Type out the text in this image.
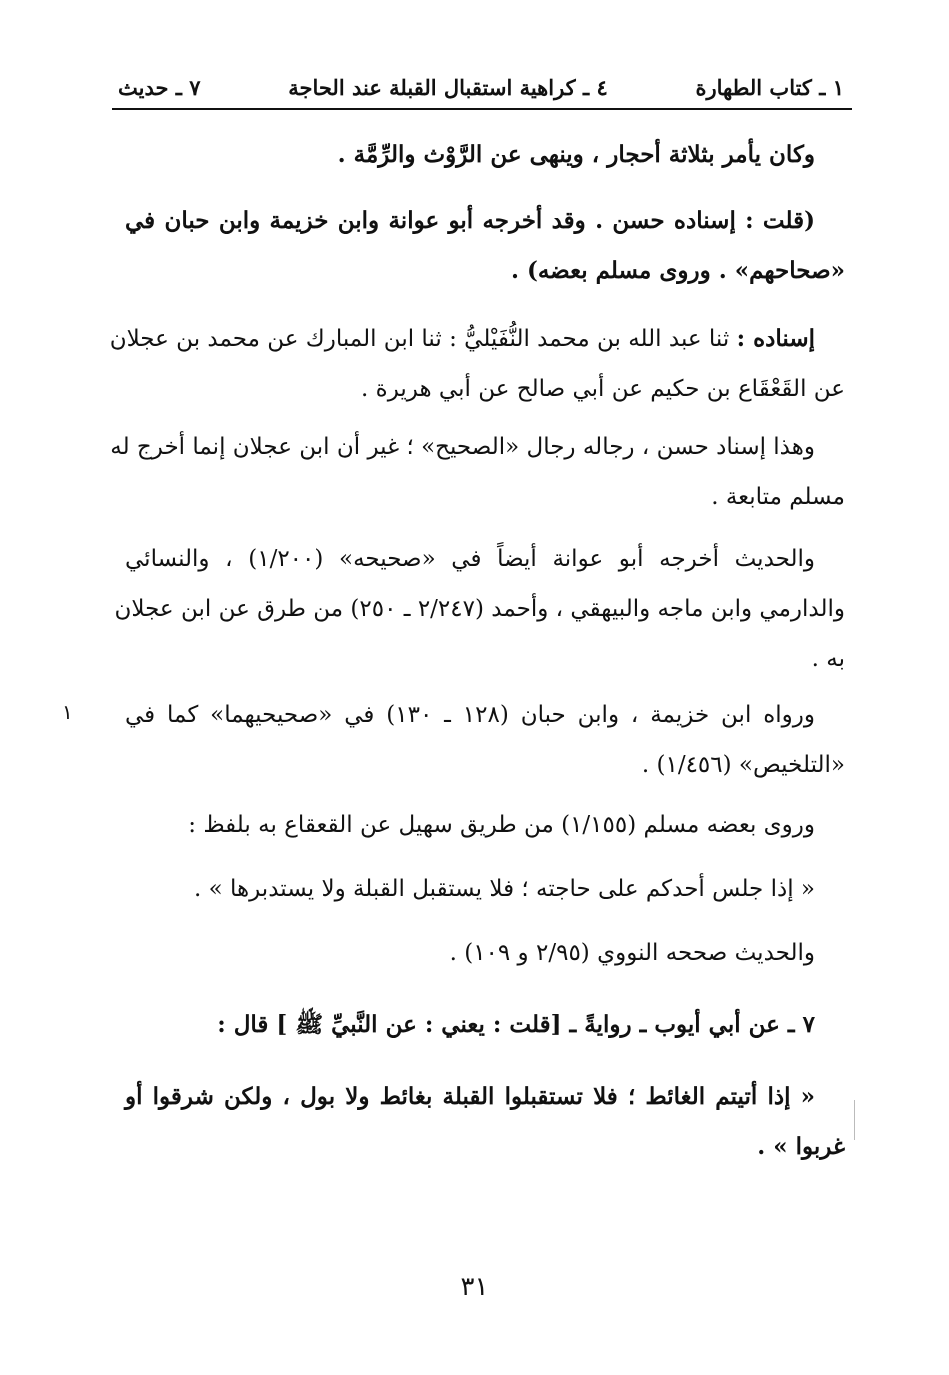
١ ـ كتاب الطهارة
٤ ـ كراهية استقبال القبلة عند الحاجة
٧ ـ حديث
وكان يأمر بثلاثة أحجار ، وينهى عن الرَّوْث والرِّمَّة .
(قلت : إسناده حسن . وقد أخرجه أبو عوانة وابن خزيمة وابن حبان في
«صحاحهم» . وروى مسلم بعضه) .
إسناده : ثنا عبد الله بن محمد النُّفَيْليُّ : ثنا ابن المبارك عن محمد بن عجلان
عن القَعْقَاع بن حكيم عن أبي صالح عن أبي هريرة .
وهذا إسناد حسن ، رجاله رجال «الصحيح» ؛ غير أن ابن عجلان إنما أخرج له
مسلم متابعة .
والحديث أخرجه أبو عوانة أيضاً في «صحيحه» (١/٢٠٠) ، والنسائي
والدارمي وابن ماجه والبيهقي ، وأحمد (٢/٢٤٧ ـ ٢٥٠) من طرق عن ابن عجلان
به .
ورواه ابن خزيمة ، وابن حبان (١٢٨ ـ ١٣٠) في «صحيحيهما» كما في
«التلخيص» (١/٤٥٦) .
وروى بعضه مسلم (١/١٥٥) من طريق سهيل عن القعقاع به بلفظ :
« إذا جلس أحدكم على حاجته ؛ فلا يستقبل القبلة ولا يستدبرها » .
والحديث صححه النووي (٢/٩٥ و ١٠٩) .
٧ ـ عن أبي أيوب ـ روايةً ـ [قلت : يعني : عن النَّبيِّ ﷺ ] قال :
« إذا أتيتم الغائط ؛ فلا تستقبلوا القبلة بغائط ولا بول ، ولكن شرقوا أو
غربوا » .
١
٣١
